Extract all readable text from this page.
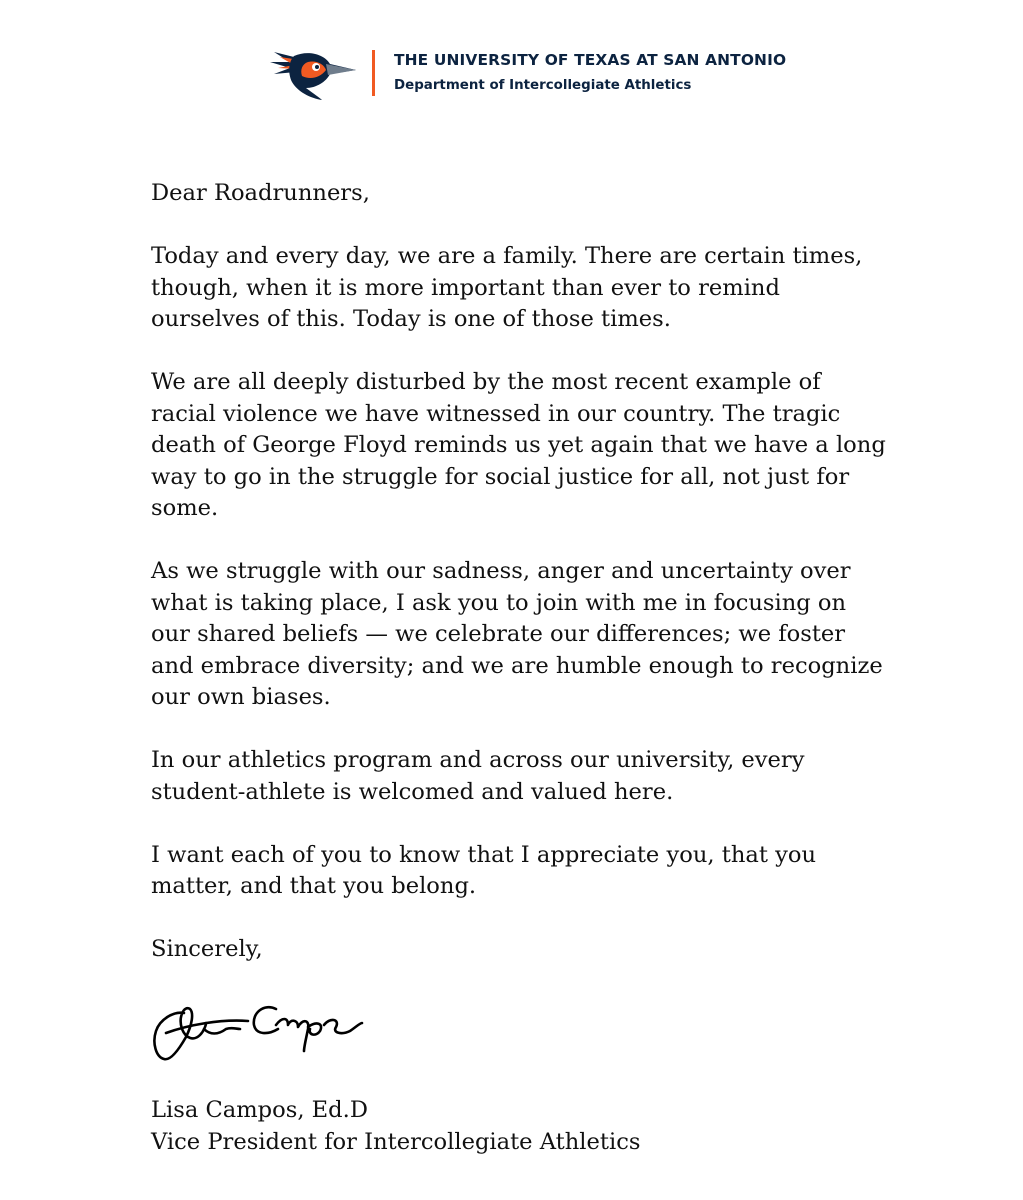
THE UNIVERSITY OF TEXAS AT SAN ANTONIO
Department of Intercollegiate Athletics

Dear Roadrunners,

Today and every day, we are a family. There are certain times, though, when it is more important than ever to remind ourselves of this. Today is one of those times.

We are all deeply disturbed by the most recent example of racial violence we have witnessed in our country. The tragic death of George Floyd reminds us yet again that we have a long way to go in the struggle for social justice for all, not just for some.

As we struggle with our sadness, anger and uncertainty over what is taking place, I ask you to join with me in focusing on our shared beliefs — we celebrate our differences; we foster and embrace diversity; and we are humble enough to recognize our own biases.

In our athletics program and across our university, every student-athlete is welcomed and valued here.

I want each of you to know that I appreciate you, that you matter, and that you belong.

Sincerely,

Lisa Campos, Ed.D
Vice President for Intercollegiate Athletics
